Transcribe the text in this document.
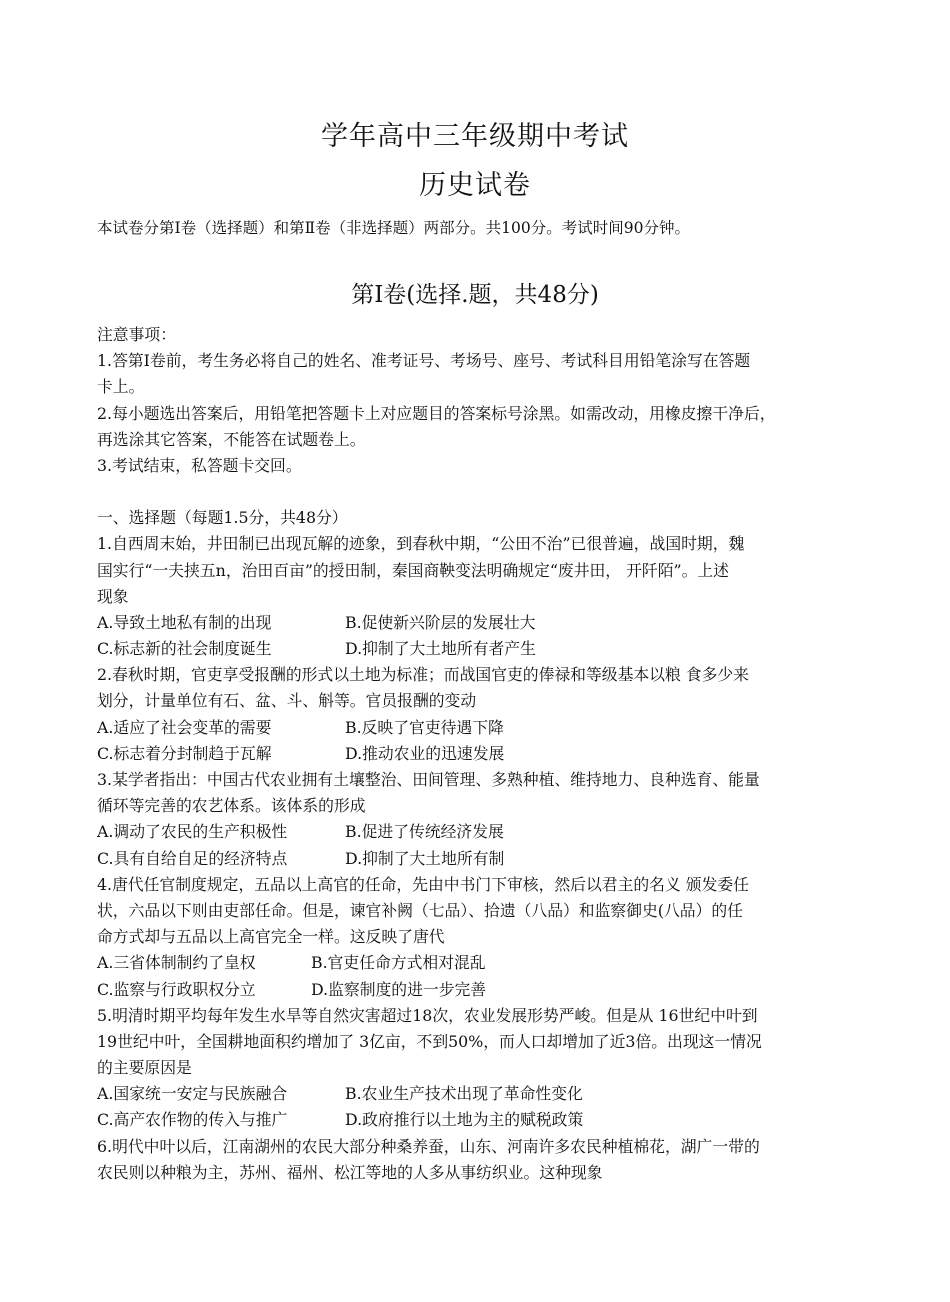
学年高中三年级期中考试
历史试卷
本试卷分第Ⅰ卷（选择题）和第Ⅱ卷（非选择题）两部分。共100分。考试时间90分钟。
第Ⅰ卷(选择.题，共48分)
注意事项：
1.答第Ⅰ卷前，考生务必将自己的姓名、准考证号、考场号、座号、考试科目用铅笔涂写在答题
卡上。
2.每小题选出答案后，用铅笔把答题卡上对应题目的答案标号涂黑。如需改动，用橡皮擦干净后，
再选涂其它答案，不能答在试题卷上。
3.考试结束，私答题卡交回。
一、选择题（每题1.5分，共48分）
1.自西周末始，井田制已出现瓦解的迹象，到春秋中期，“公田不治”已很普遍，战国时期，魏
国实行“一夫挟五n，治田百亩”的授田制，秦国商鞅变法明确规定“废井田， 开阡陌”。上述
现象
A.导致土地私有制的出现	B.促使新兴阶层的发展壮大
C.标志新的社会制度诞生	D.抑制了大土地所有者产生
2.春秋时期，官吏享受报酬的形式以土地为标准；而战国官吏的俸禄和等级基本以粮 食多少来
划分，计量单位有石、盆、斗、斛等。官员报酬的变动
A.适应了社会变革的需要	B.反映了官吏待遇下降
C.标志着分封制趋于瓦解	D.推动农业的迅速发展
3.某学者指出：中国古代农业拥有土壤整治、田间管理、多熟种植、维持地力、良种选育、能量
循环等完善的农艺体系。该体系的形成
A.调动了农民的生产积极性	B.促进了传统经济发展
C.具有自给自足的经济特点	D.抑制了大土地所有制
4.唐代任官制度规定，五品以上高官的任命，先由中书门下审核，然后以君主的名义 颁发委任
状，六品以下则由吏部任命。但是，谏官补阙（七品）、拾遗（八品）和监察御史(八品）的任
命方式却与五品以上高官完全一样。这反映了唐代
A.三省体制制约了皇权	B.官吏任命方式相对混乱
C.监察与行政职权分立	D.监察制度的进一步完善
5.明清时期平均每年发生水旱等自然灾害超过18次，农业发展形势严峻。但是从 16世纪中叶到
19世纪中叶，全国耕地面积约增加了 3亿亩，不到50%，而人口却增加了近3倍。出现这一情况
的主要原因是
A.国家统一安定与民族融合	B.农业生产技术出现了革命性变化
C.高产农作物的传入与推广	D.政府推行以土地为主的赋税政策
6.明代中叶以后，江南湖州的农民大部分种桑养蚕，山东、河南许多农民种植棉花，湖广一带的
农民则以种粮为主，苏州、福州、松江等地的人多从事纺织业。这种现象
